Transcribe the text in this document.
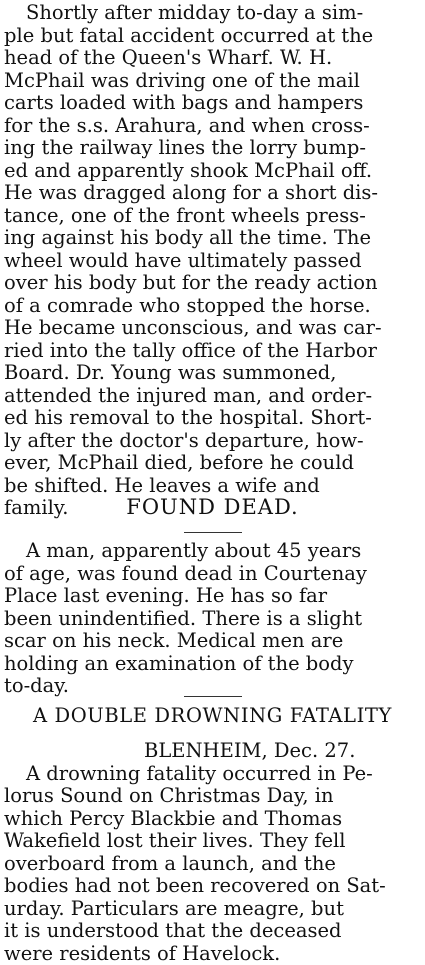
Shortly after midday to-day a sim-
ple but fatal accident occurred at the
head of the Queen's Wharf. W. H.
McPhail was driving one of the mail
carts loaded with bags and hampers
for the s.s. Arahura, and when cross-
ing the railway lines the lorry bump-
ed and apparently shook McPhail off.
He was dragged along for a short dis-
tance, one of the front wheels press-
ing against his body all the time. The
wheel would have ultimately passed
over his body but for the ready action
of a comrade who stopped the horse.
He became unconscious, and was car-
ried into the tally office of the Harbor
Board. Dr. Young was summoned,
attended the injured man, and order-
ed his removal to the hospital. Short-
ly after the doctor's departure, how-
ever, McPhail died, before he could
be shifted. He leaves a wife and
family.	FOUND DEAD.

A man, apparently about 45 years
of age, was found dead in Courtenay
Place last evening. He has so far
been unindentified. There is a slight
scar on his neck. Medical men are
holding an examination of the body
to-day.

A DOUBLE DROWNING FATALITY

BLENHEIM, Dec. 27.

A drowning fatality occurred in Pe-
lorus Sound on Christmas Day, in
which Percy Blackbie and Thomas
Wakefield lost their lives. They fell
overboard from a launch, and the
bodies had not been recovered on Sat-
urday. Particulars are meagre, but
it is understood that the deceased
were residents of Havelock.
